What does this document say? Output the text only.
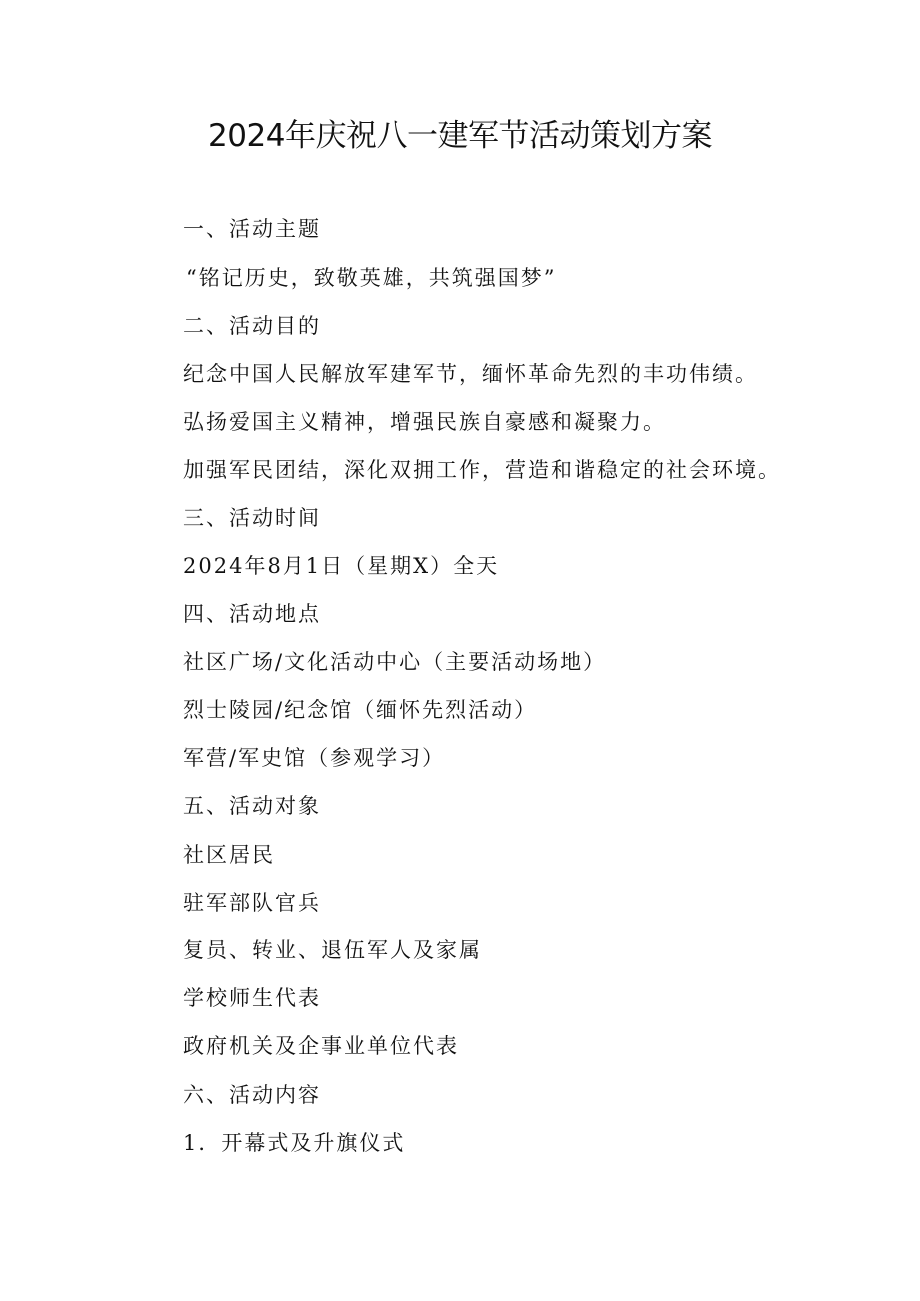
2024年庆祝八一建军节活动策划方案
一、活动主题
“铭记历史，致敬英雄，共筑强国梦”
二、活动目的
纪念中国人民解放军建军节，缅怀革命先烈的丰功伟绩。
弘扬爱国主义精神，增强民族自豪感和凝聚力。
加强军民团结，深化双拥工作，营造和谐稳定的社会环境。
三、活动时间
2024年8月1日（星期X）全天
四、活动地点
社区广场/文化活动中心（主要活动场地）
烈士陵园/纪念馆（缅怀先烈活动）
军营/军史馆（参观学习）
五、活动对象
社区居民
驻军部队官兵
复员、转业、退伍军人及家属
学校师生代表
政府机关及企事业单位代表
六、活动内容
1．开幕式及升旗仪式
